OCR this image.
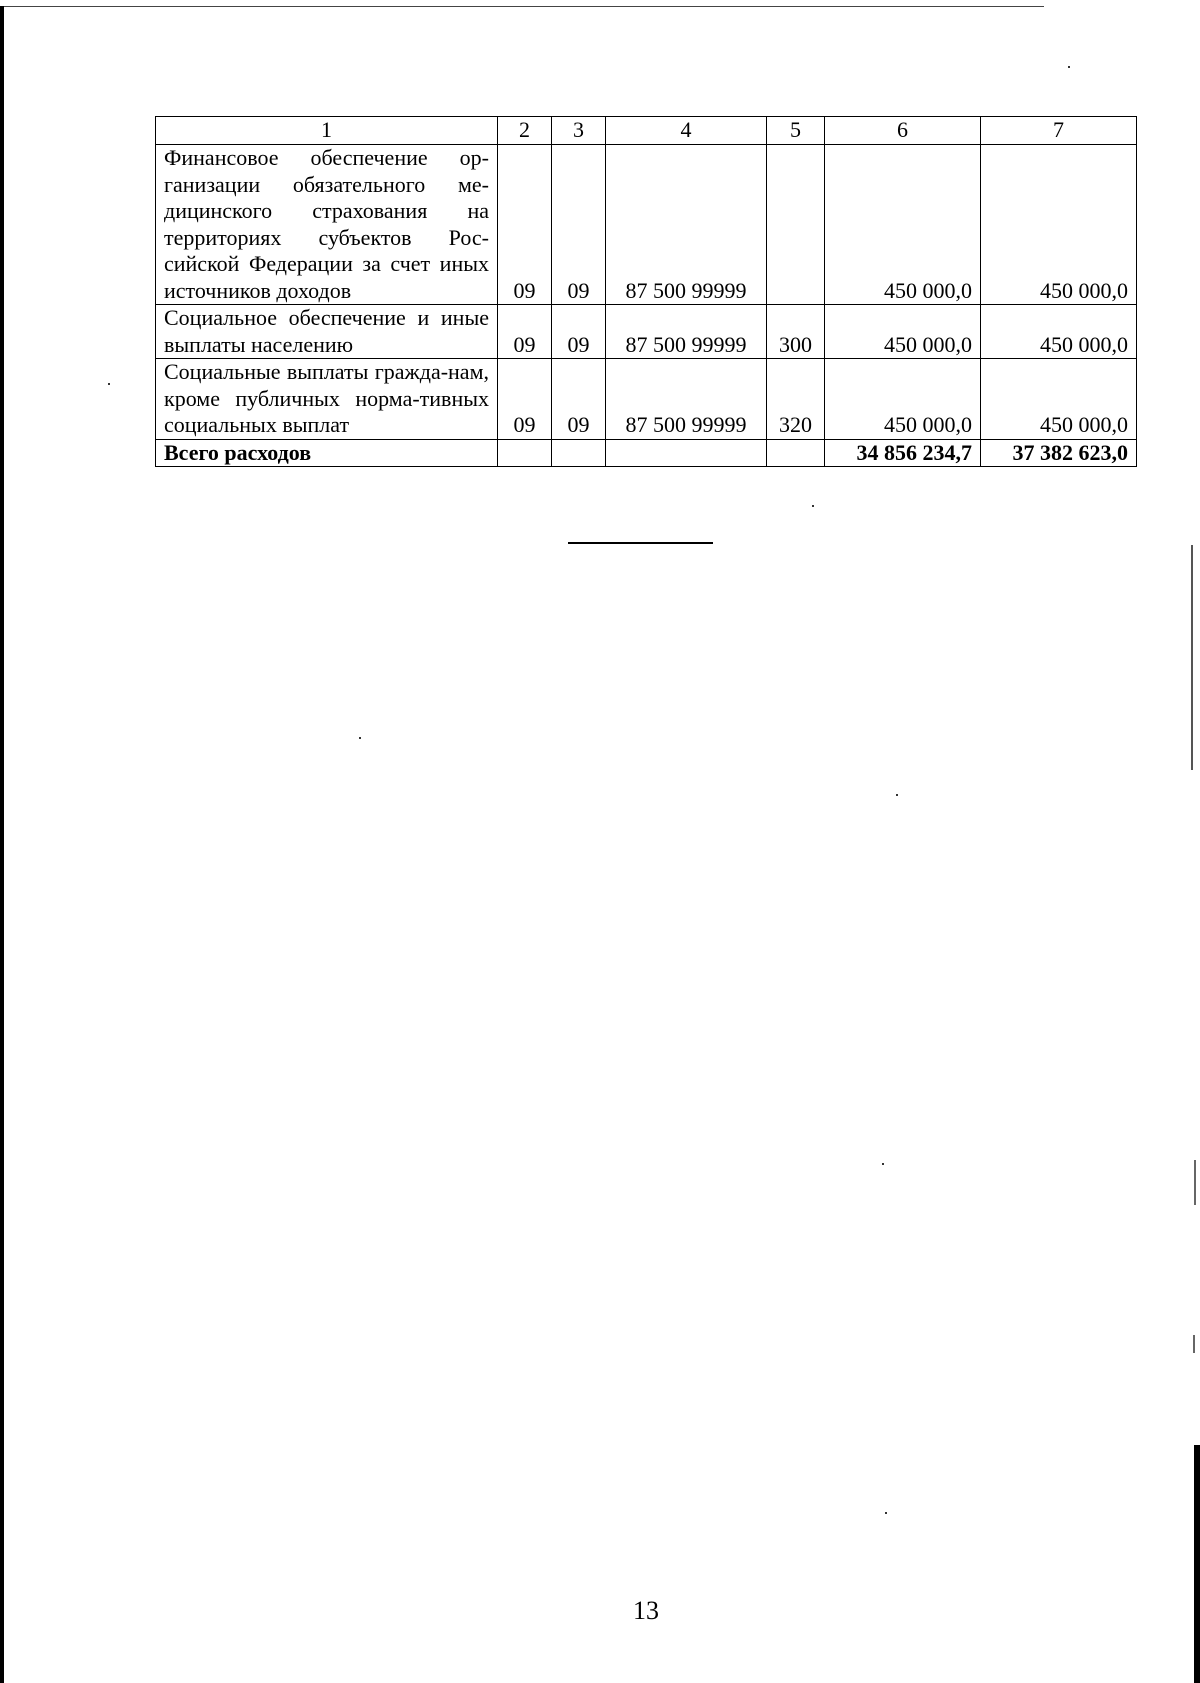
1	2	3	4	5	6	7
Финансовое обеспечение ор-ганизации обязательного ме-дицинского страхования на территориях субъектов Рос-сийской Федерации за счет иных источников доходов	09	09	87 500 99999		450 000,0	450 000,0
Социальное обеспечение и иные выплаты населению	09	09	87 500 99999	300	450 000,0	450 000,0
Социальные выплаты гражда-нам, кроме публичных норма-тивных социальных выплат	09	09	87 500 99999	320	450 000,0	450 000,0
Всего расходов					34 856 234,7	37 382 623,0
13
